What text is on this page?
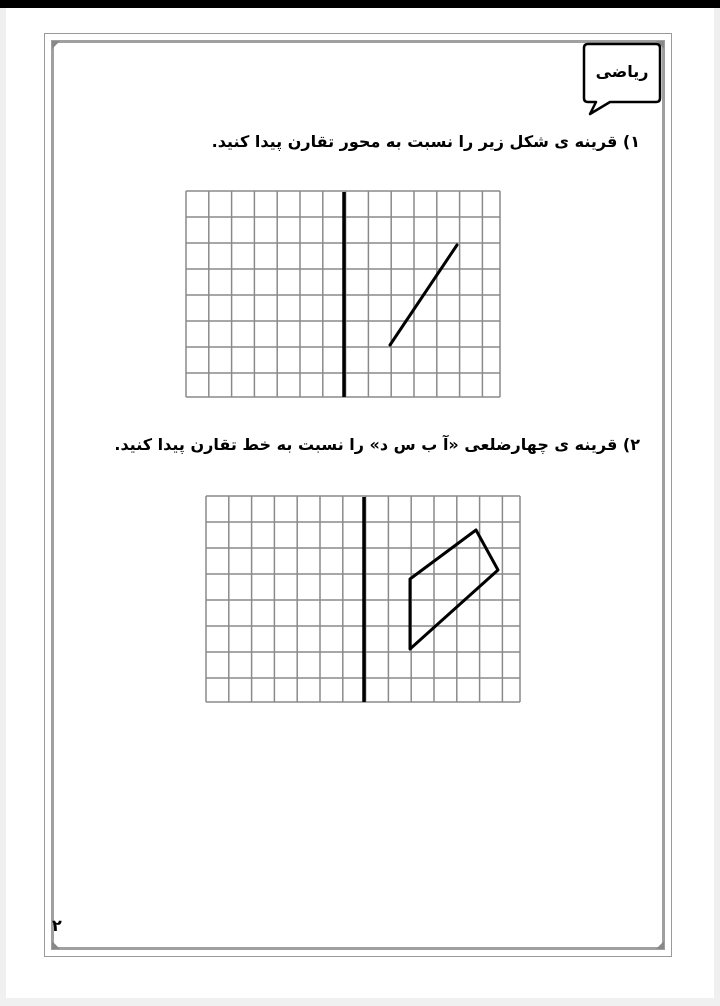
ریاضی
۱) قرینه ی شکل زیر را نسبت به محور تقارن پیدا کنید.
۲) قرینه ی چهارضلعی «آ ب س د» را نسبت به خط تقارن پیدا کنید.
۲
